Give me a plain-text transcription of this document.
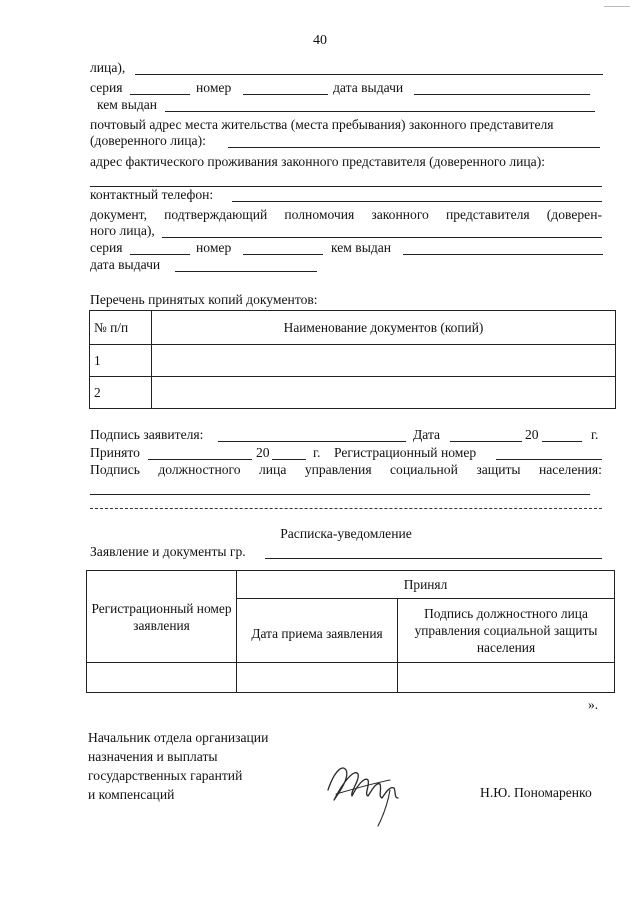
40
лица),
серия	номер	дата выдачи
кем выдан
почтовый адрес места жительства (места пребывания) законного представителя
(доверенного лица):
адрес фактического проживания законного представителя (доверенного лица):
контактный телефон:
документ, подтверждающий полномочия законного представителя (доверен-
ного лица),
серия	номер	кем выдан
дата выдачи
Перечень принятых копий документов:
№ п/п	Наименование документов (копий)
1	
2	
Подпись заявителя:	Дата	20	г.
Принято	20	г. Регистрационный номер
Подпись должностного лица управления социальной защиты населения:
Расписка-уведомление
Заявление и документы гр.
Регистрационный номер заявления	Принял	
	Дата приема заявления	Подпись должностного лица управления социальной защиты населения

».
Начальник отдела организации
назначения и выплаты
государственных гарантий
и компенсаций	Н.Ю. Пономаренко
